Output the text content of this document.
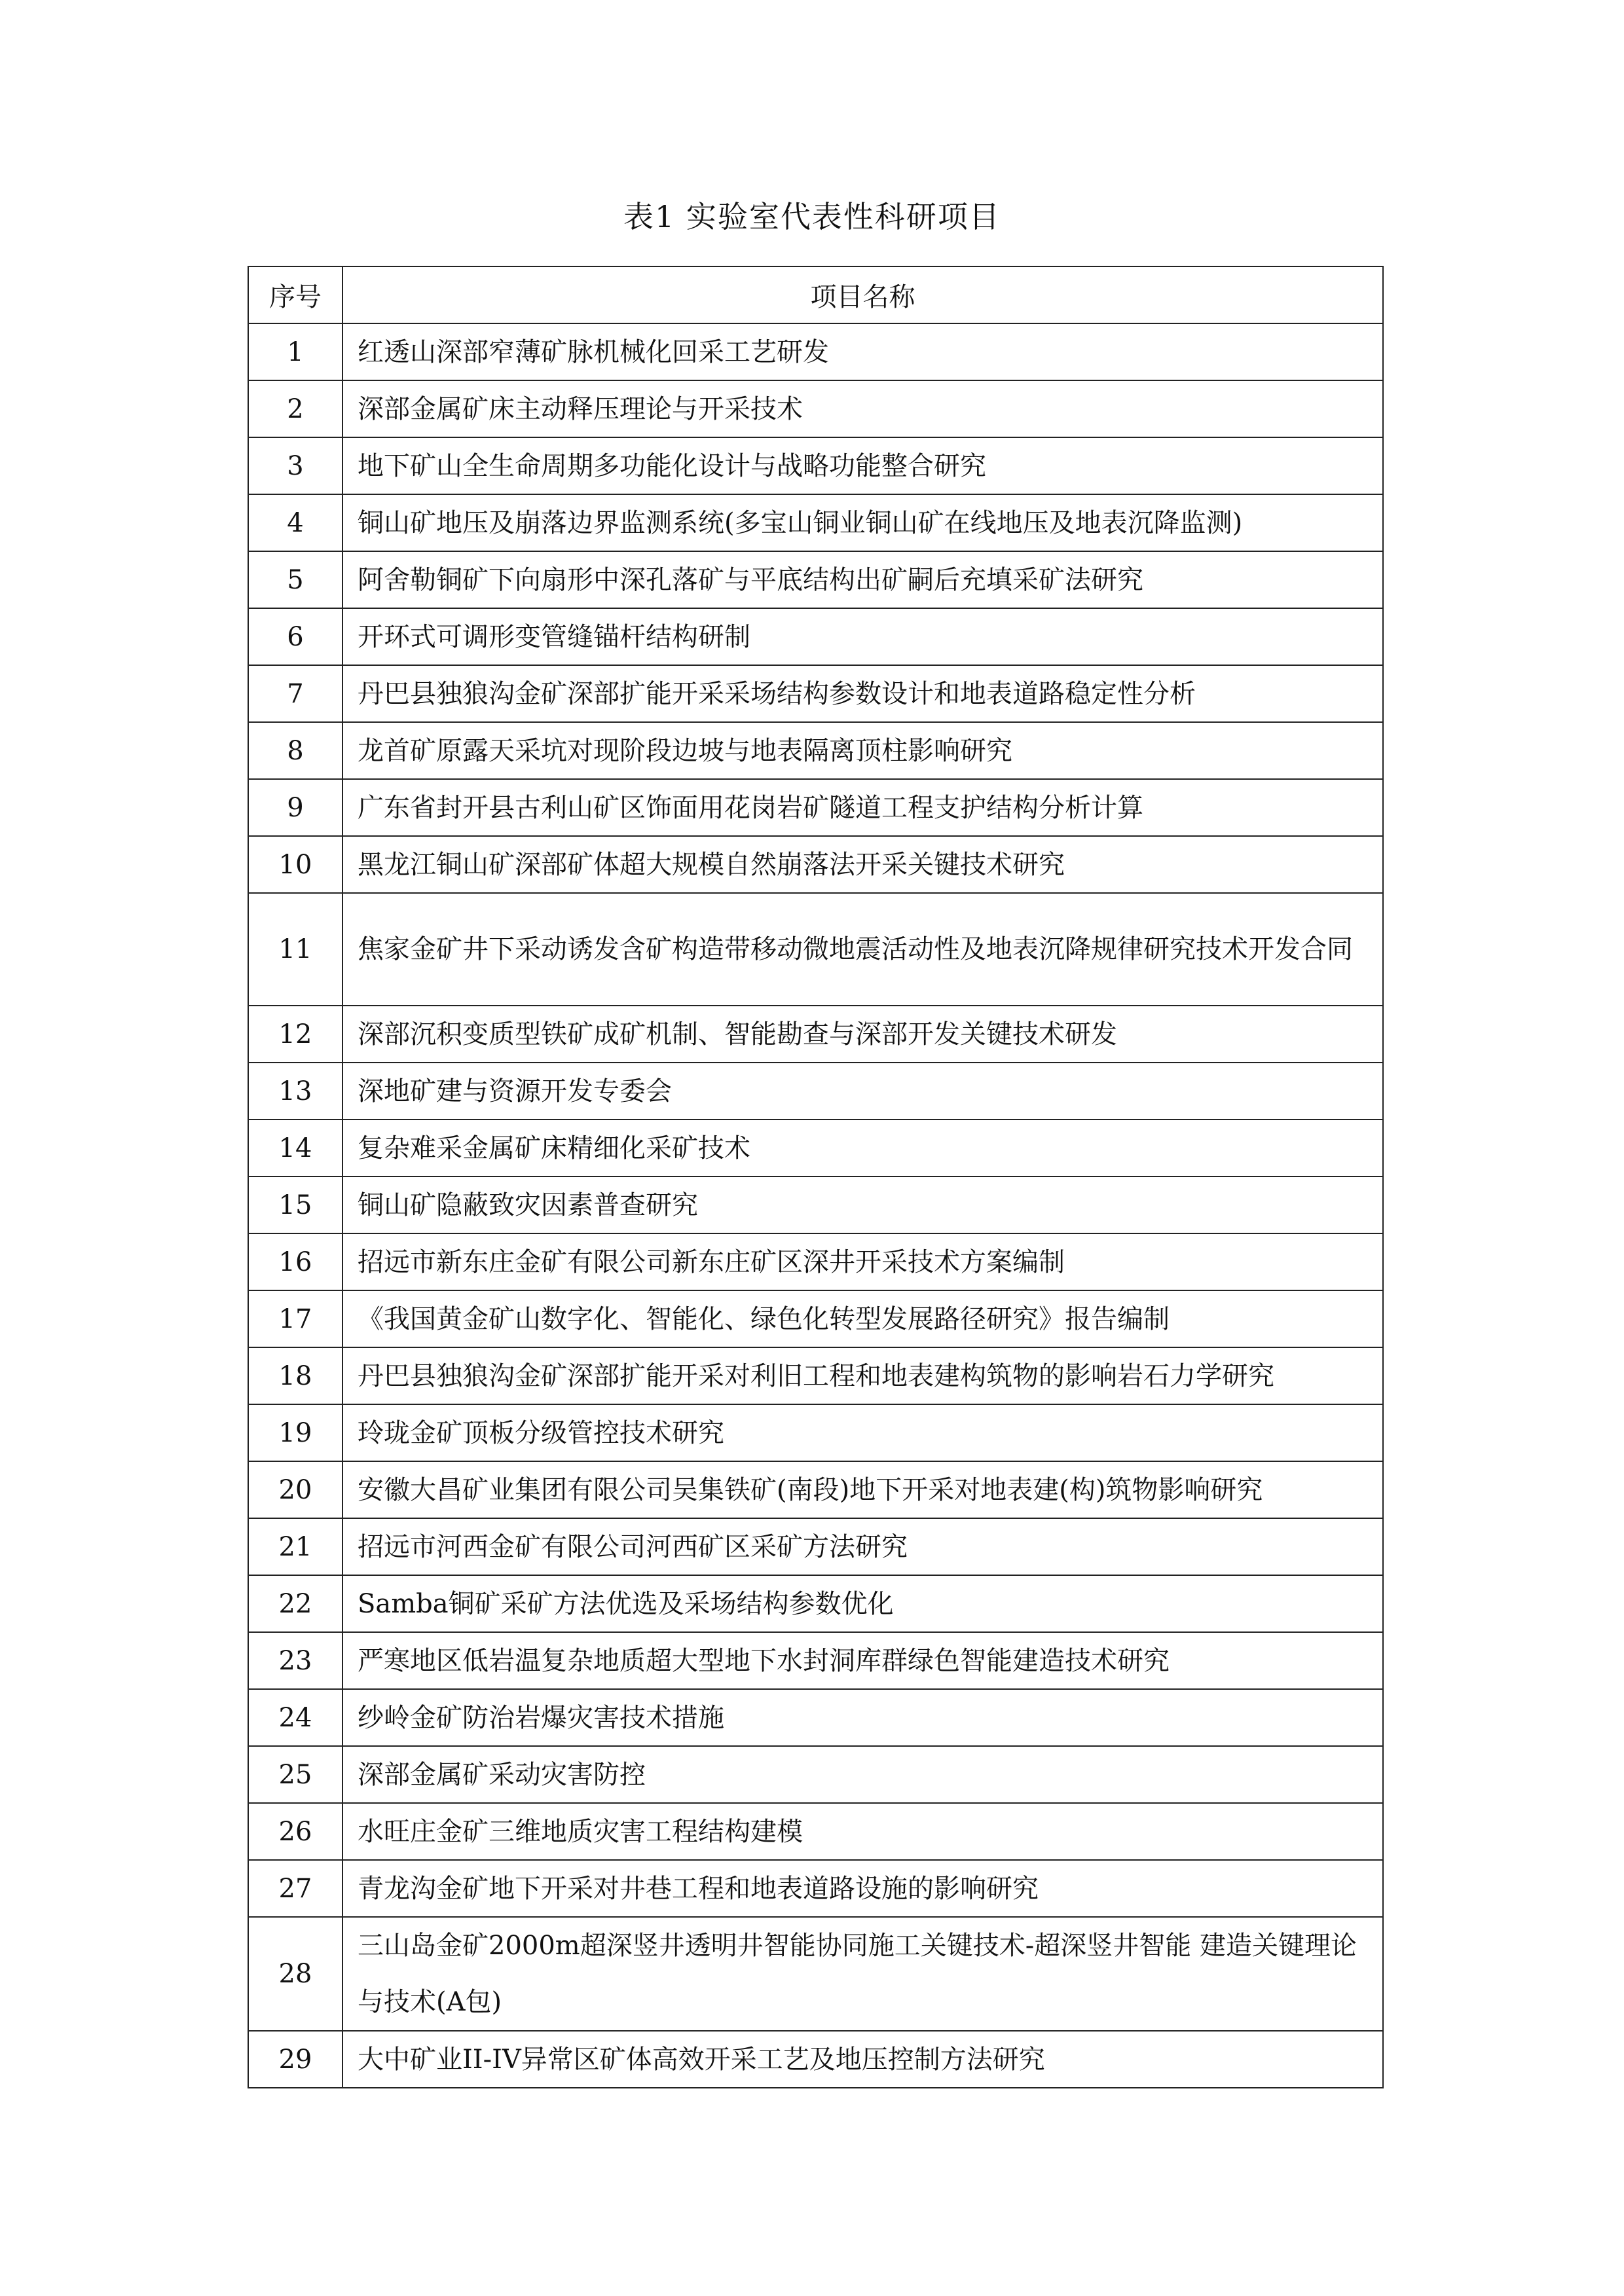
表1 实验室代表性科研项目
序号	项目名称
1	红透山深部窄薄矿脉机械化回采工艺研发
2	深部金属矿床主动释压理论与开采技术
3	地下矿山全生命周期多功能化设计与战略功能整合研究
4	铜山矿地压及崩落边界监测系统(多宝山铜业铜山矿在线地压及地表沉降监测)
5	阿舍勒铜矿下向扇形中深孔落矿与平底结构出矿嗣后充填采矿法研究
6	开环式可调形变管缝锚杆结构研制
7	丹巴县独狼沟金矿深部扩能开采采场结构参数设计和地表道路稳定性分析
8	龙首矿原露天采坑对现阶段边坡与地表隔离顶柱影响研究
9	广东省封开县古利山矿区饰面用花岗岩矿隧道工程支护结构分析计算
10	黑龙江铜山矿深部矿体超大规模自然崩落法开采关键技术研究
11	焦家金矿井下采动诱发含矿构造带移动微地震活动性及地表沉降规律研究技术开发合同
12	深部沉积变质型铁矿成矿机制、智能勘查与深部开发关键技术研发
13	深地矿建与资源开发专委会
14	复杂难采金属矿床精细化采矿技术
15	铜山矿隐蔽致灾因素普查研究
16	招远市新东庄金矿有限公司新东庄矿区深井开采技术方案编制
17	《我国黄金矿山数字化、智能化、绿色化转型发展路径研究》报告编制
18	丹巴县独狼沟金矿深部扩能开采对利旧工程和地表建构筑物的影响岩石力学研究
19	玲珑金矿顶板分级管控技术研究
20	安徽大昌矿业集团有限公司吴集铁矿(南段)地下开采对地表建(构)筑物影响研究
21	招远市河西金矿有限公司河西矿区采矿方法研究
22	Samba铜矿采矿方法优选及采场结构参数优化
23	严寒地区低岩温复杂地质超大型地下水封洞库群绿色智能建造技术研究
24	纱岭金矿防治岩爆灾害技术措施
25	深部金属矿采动灾害防控
26	水旺庄金矿三维地质灾害工程结构建模
27	青龙沟金矿地下开采对井巷工程和地表道路设施的影响研究
28	三山岛金矿2000m超深竖井透明井智能协同施工关键技术-超深竖井智能 建造关键理论与技术(A包)
29	大中矿业II-IV异常区矿体高效开采工艺及地压控制方法研究
